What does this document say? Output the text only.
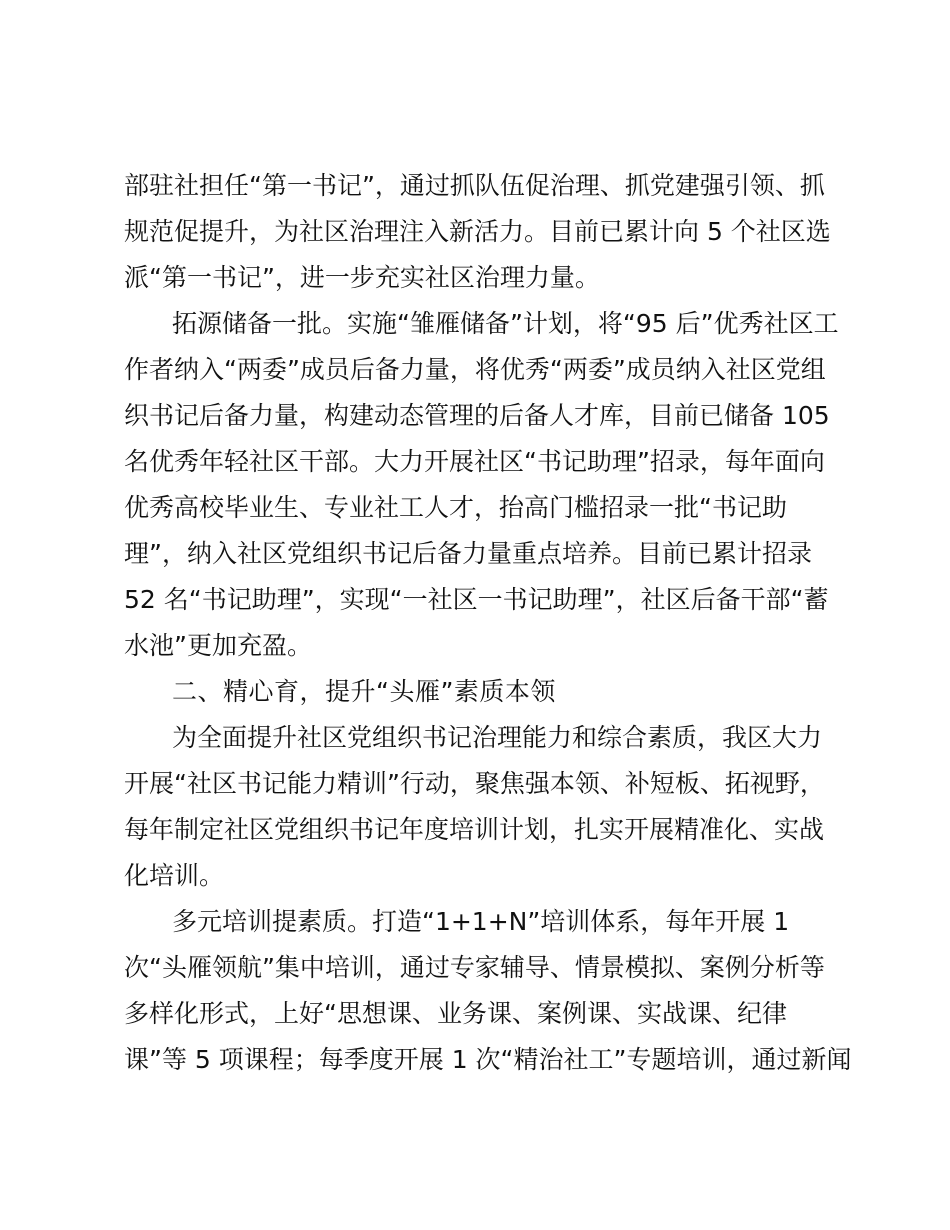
部驻社担任“第一书记”，通过抓队伍促治理、抓党建强引领、抓
规范促提升，为社区治理注入新活力。目前已累计向 5 个社区选
派“第一书记”，进一步充实社区治理力量。
拓源储备一批。实施“雏雁储备”计划，将“95 后”优秀社区工
作者纳入“两委”成员后备力量，将优秀“两委”成员纳入社区党组
织书记后备力量，构建动态管理的后备人才库，目前已储备 105
名优秀年轻社区干部。大力开展社区“书记助理”招录，每年面向
优秀高校毕业生、专业社工人才，抬高门槛招录一批“书记助
理”，纳入社区党组织书记后备力量重点培养。目前已累计招录
52 名“书记助理”，实现“一社区一书记助理”，社区后备干部“蓄
水池”更加充盈。
二、精心育，提升“头雁”素质本领
为全面提升社区党组织书记治理能力和综合素质，我区大力
开展“社区书记能力精训”行动，聚焦强本领、补短板、拓视野，
每年制定社区党组织书记年度培训计划，扎实开展精准化、实战
化培训。
多元培训提素质。打造“1+1+N”培训体系，每年开展 1
次“头雁领航”集中培训，通过专家辅导、情景模拟、案例分析等
多样化形式，上好“思想课、业务课、案例课、实战课、纪律
课”等 5 项课程；每季度开展 1 次“精治社工”专题培训，通过新闻
